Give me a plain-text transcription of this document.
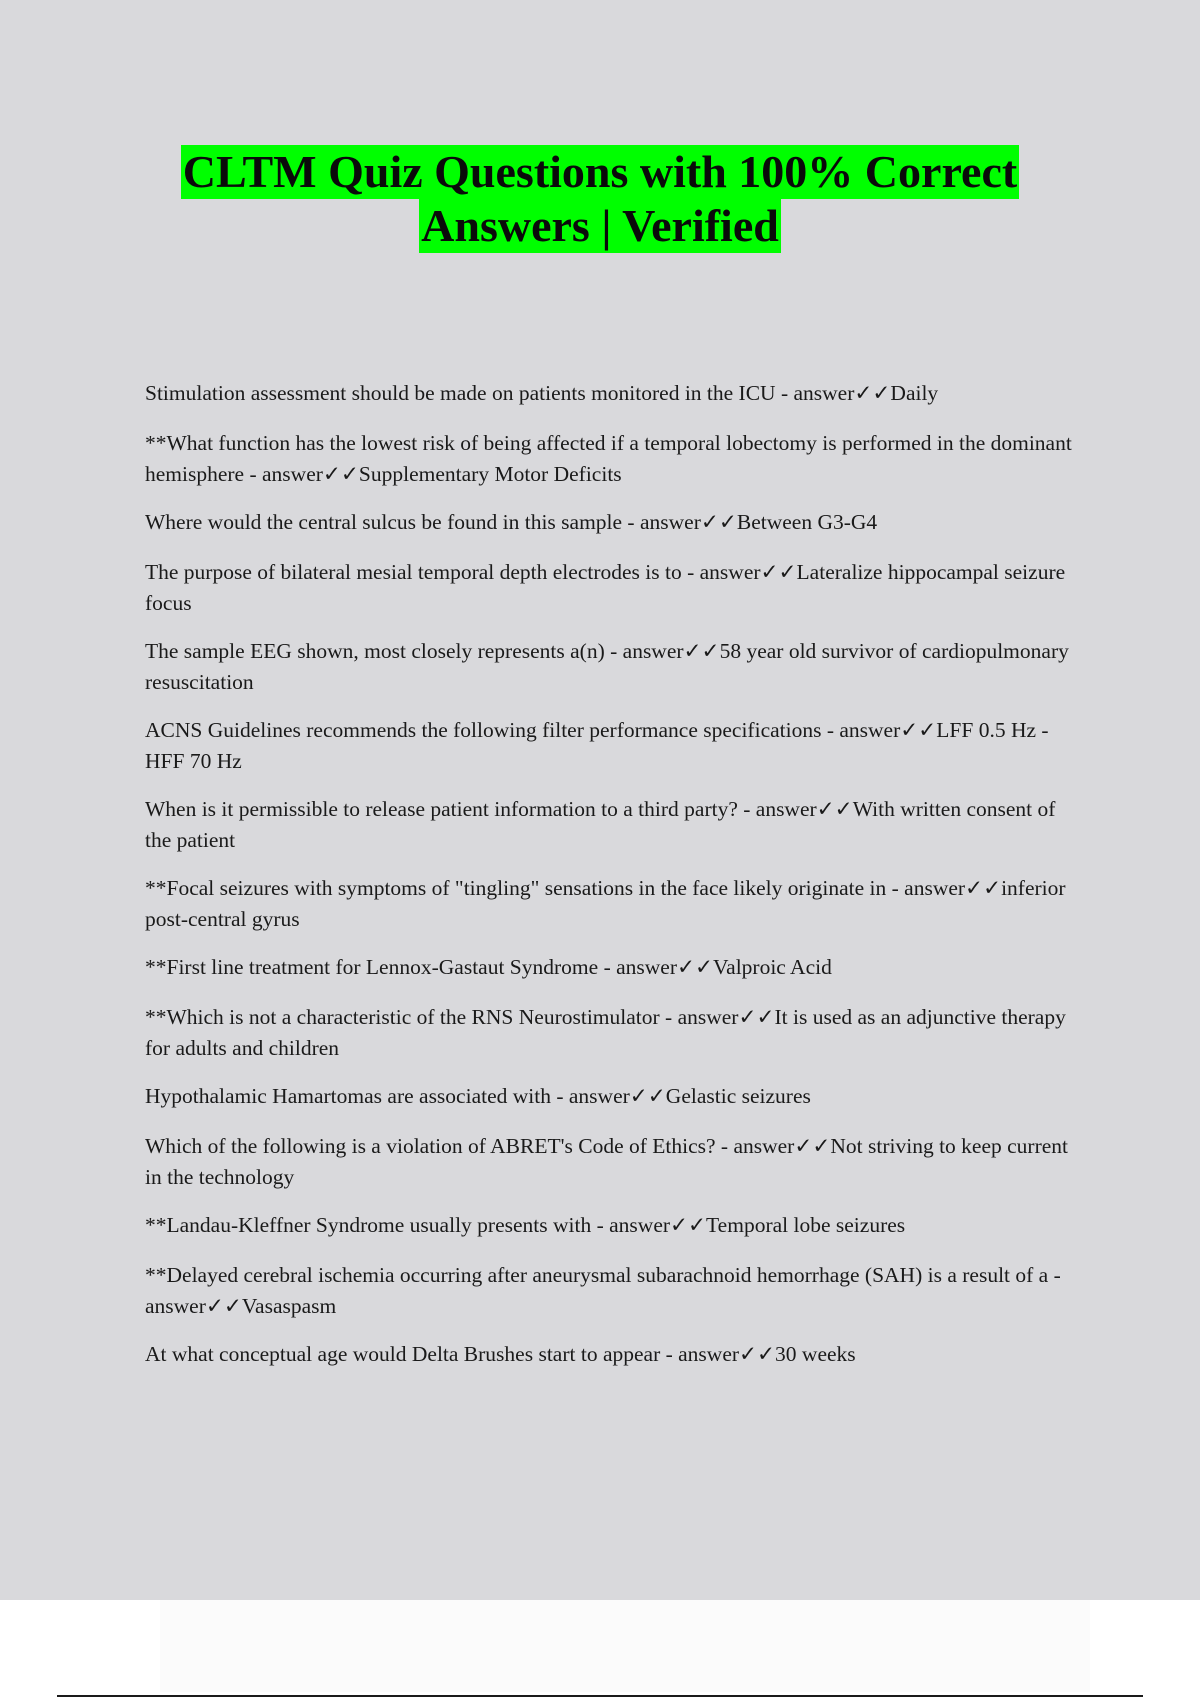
CLTM Quiz Questions with 100% Correct
Answers | Verified
Stimulation assessment should be made on patients monitored in the ICU - answer✓✓Daily
**What function has the lowest risk of being affected if a temporal lobectomy is performed in the dominant hemisphere - answer✓✓Supplementary Motor Deficits
Where would the central sulcus be found in this sample - answer✓✓Between G3-G4
The purpose of bilateral mesial temporal depth electrodes is to - answer✓✓Lateralize hippocampal seizure focus
The sample EEG shown, most closely represents a(n) - answer✓✓58 year old survivor of cardiopulmonary resuscitation
ACNS Guidelines recommends the following filter performance specifications - answer✓✓LFF 0.5 Hz - HFF 70 Hz
When is it permissible to release patient information to a third party? - answer✓✓With written consent of the patient
**Focal seizures with symptoms of "tingling" sensations in the face likely originate in - answer✓✓inferior post-central gyrus
**First line treatment for Lennox-Gastaut Syndrome - answer✓✓Valproic Acid
**Which is not a characteristic of the RNS Neurostimulator - answer✓✓It is used as an adjunctive therapy for adults and children
Hypothalamic Hamartomas are associated with - answer✓✓Gelastic seizures
Which of the following is a violation of ABRET's Code of Ethics? - answer✓✓Not striving to keep current in the technology
**Landau-Kleffner Syndrome usually presents with - answer✓✓Temporal lobe seizures
**Delayed cerebral ischemia occurring after aneurysmal subarachnoid hemorrhage (SAH) is a result of a - answer✓✓Vasaspasm
At what conceptual age would Delta Brushes start to appear - answer✓✓30 weeks
